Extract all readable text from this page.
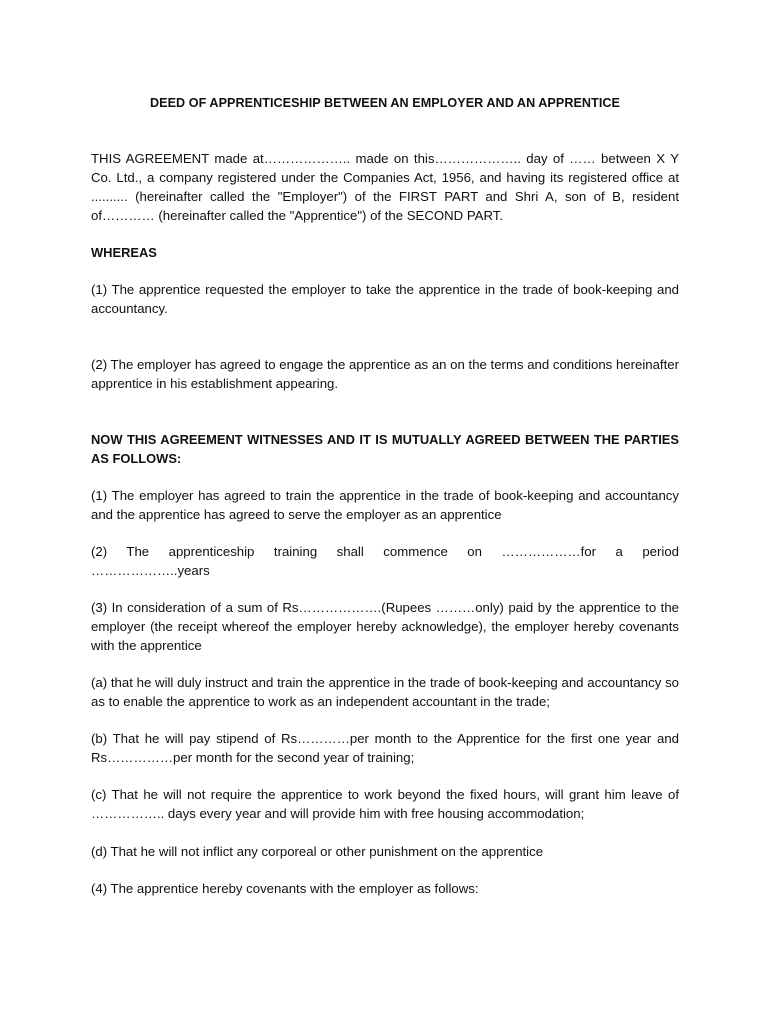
DEED OF APPRENTICESHIP BETWEEN AN EMPLOYER AND AN APPRENTICE
THIS AGREEMENT made at……………….. made on this……………….. day of …… between X Y Co. Ltd., a company registered under the Companies Act, 1956, and having its registered office at .......... (hereinafter called the "Employer") of the FIRST PART and Shri A, son of B, resident of………… (hereinafter called the "Apprentice") of the SECOND PART.
WHEREAS
(1) The apprentice requested the employer to take the apprentice in the trade of book-keeping and accountancy.
(2) The employer has agreed to engage the apprentice as an on the terms and conditions hereinafter apprentice in his establishment appearing.
NOW THIS AGREEMENT WITNESSES AND IT IS MUTUALLY AGREED BETWEEN THE PARTIES AS FOLLOWS:
(1) The employer has agreed to train the apprentice in the trade of book-keeping and accountancy and the apprentice has agreed to serve the employer as an apprentice
(2) The apprenticeship training shall commence on ………………for a period
………………..years
(3) In consideration of a sum of Rs……………….(Rupees ………only) paid by the apprentice to the employer (the receipt whereof the employer hereby acknowledge), the employer hereby covenants with the apprentice
(a) that he will duly instruct and train the apprentice in the trade of book-keeping and accountancy so as to enable the apprentice to work as an independent accountant in the trade;
(b) That he will pay stipend of Rs…………per month to the Apprentice for the first one year and Rs……………per month for the second year of training;
(c) That he will not require the apprentice to work beyond the fixed hours, will grant him leave of …………….. days every year and will provide him with free housing accommodation;
(d) That he will not inflict any corporeal or other punishment on the apprentice
(4) The apprentice hereby covenants with the employer as follows:
